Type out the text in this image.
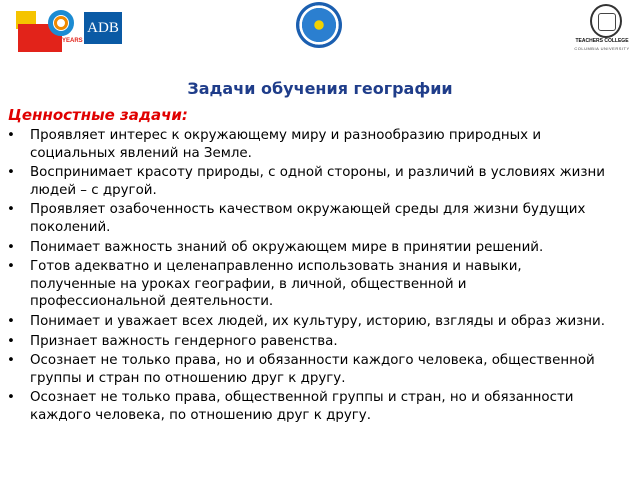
YEARS
ADB
TEACHERS COLLEGE
COLUMBIA UNIVERSITY
Задачи обучения географии
Ценностные задачи:
• Проявляет интерес к окружающему миру и разнообразию природных и социальных явлений на Земле.
• Воспринимает красоту природы, с одной стороны, и различий в условиях жизни людей – с другой.
• Проявляет озабоченность качеством окружающей среды для жизни будущих поколений.
• Понимает важность знаний об окружающем мире в принятии решений.
• Готов адекватно и целенаправленно использовать знания и навыки, полученные на уроках географии, в личной, общественной и профессиональной деятельности.
• Понимает и уважает всех людей, их культуру, историю, взгляды и образ жизни.
• Признает важность гендерного равенства.
• Осознает не только права, но и обязанности каждого человека, общественной группы и стран по отношению друг к другу.
• Осознает не только права, общественной группы и стран, но и обязанности каждого человека, по отношению друг к другу.
